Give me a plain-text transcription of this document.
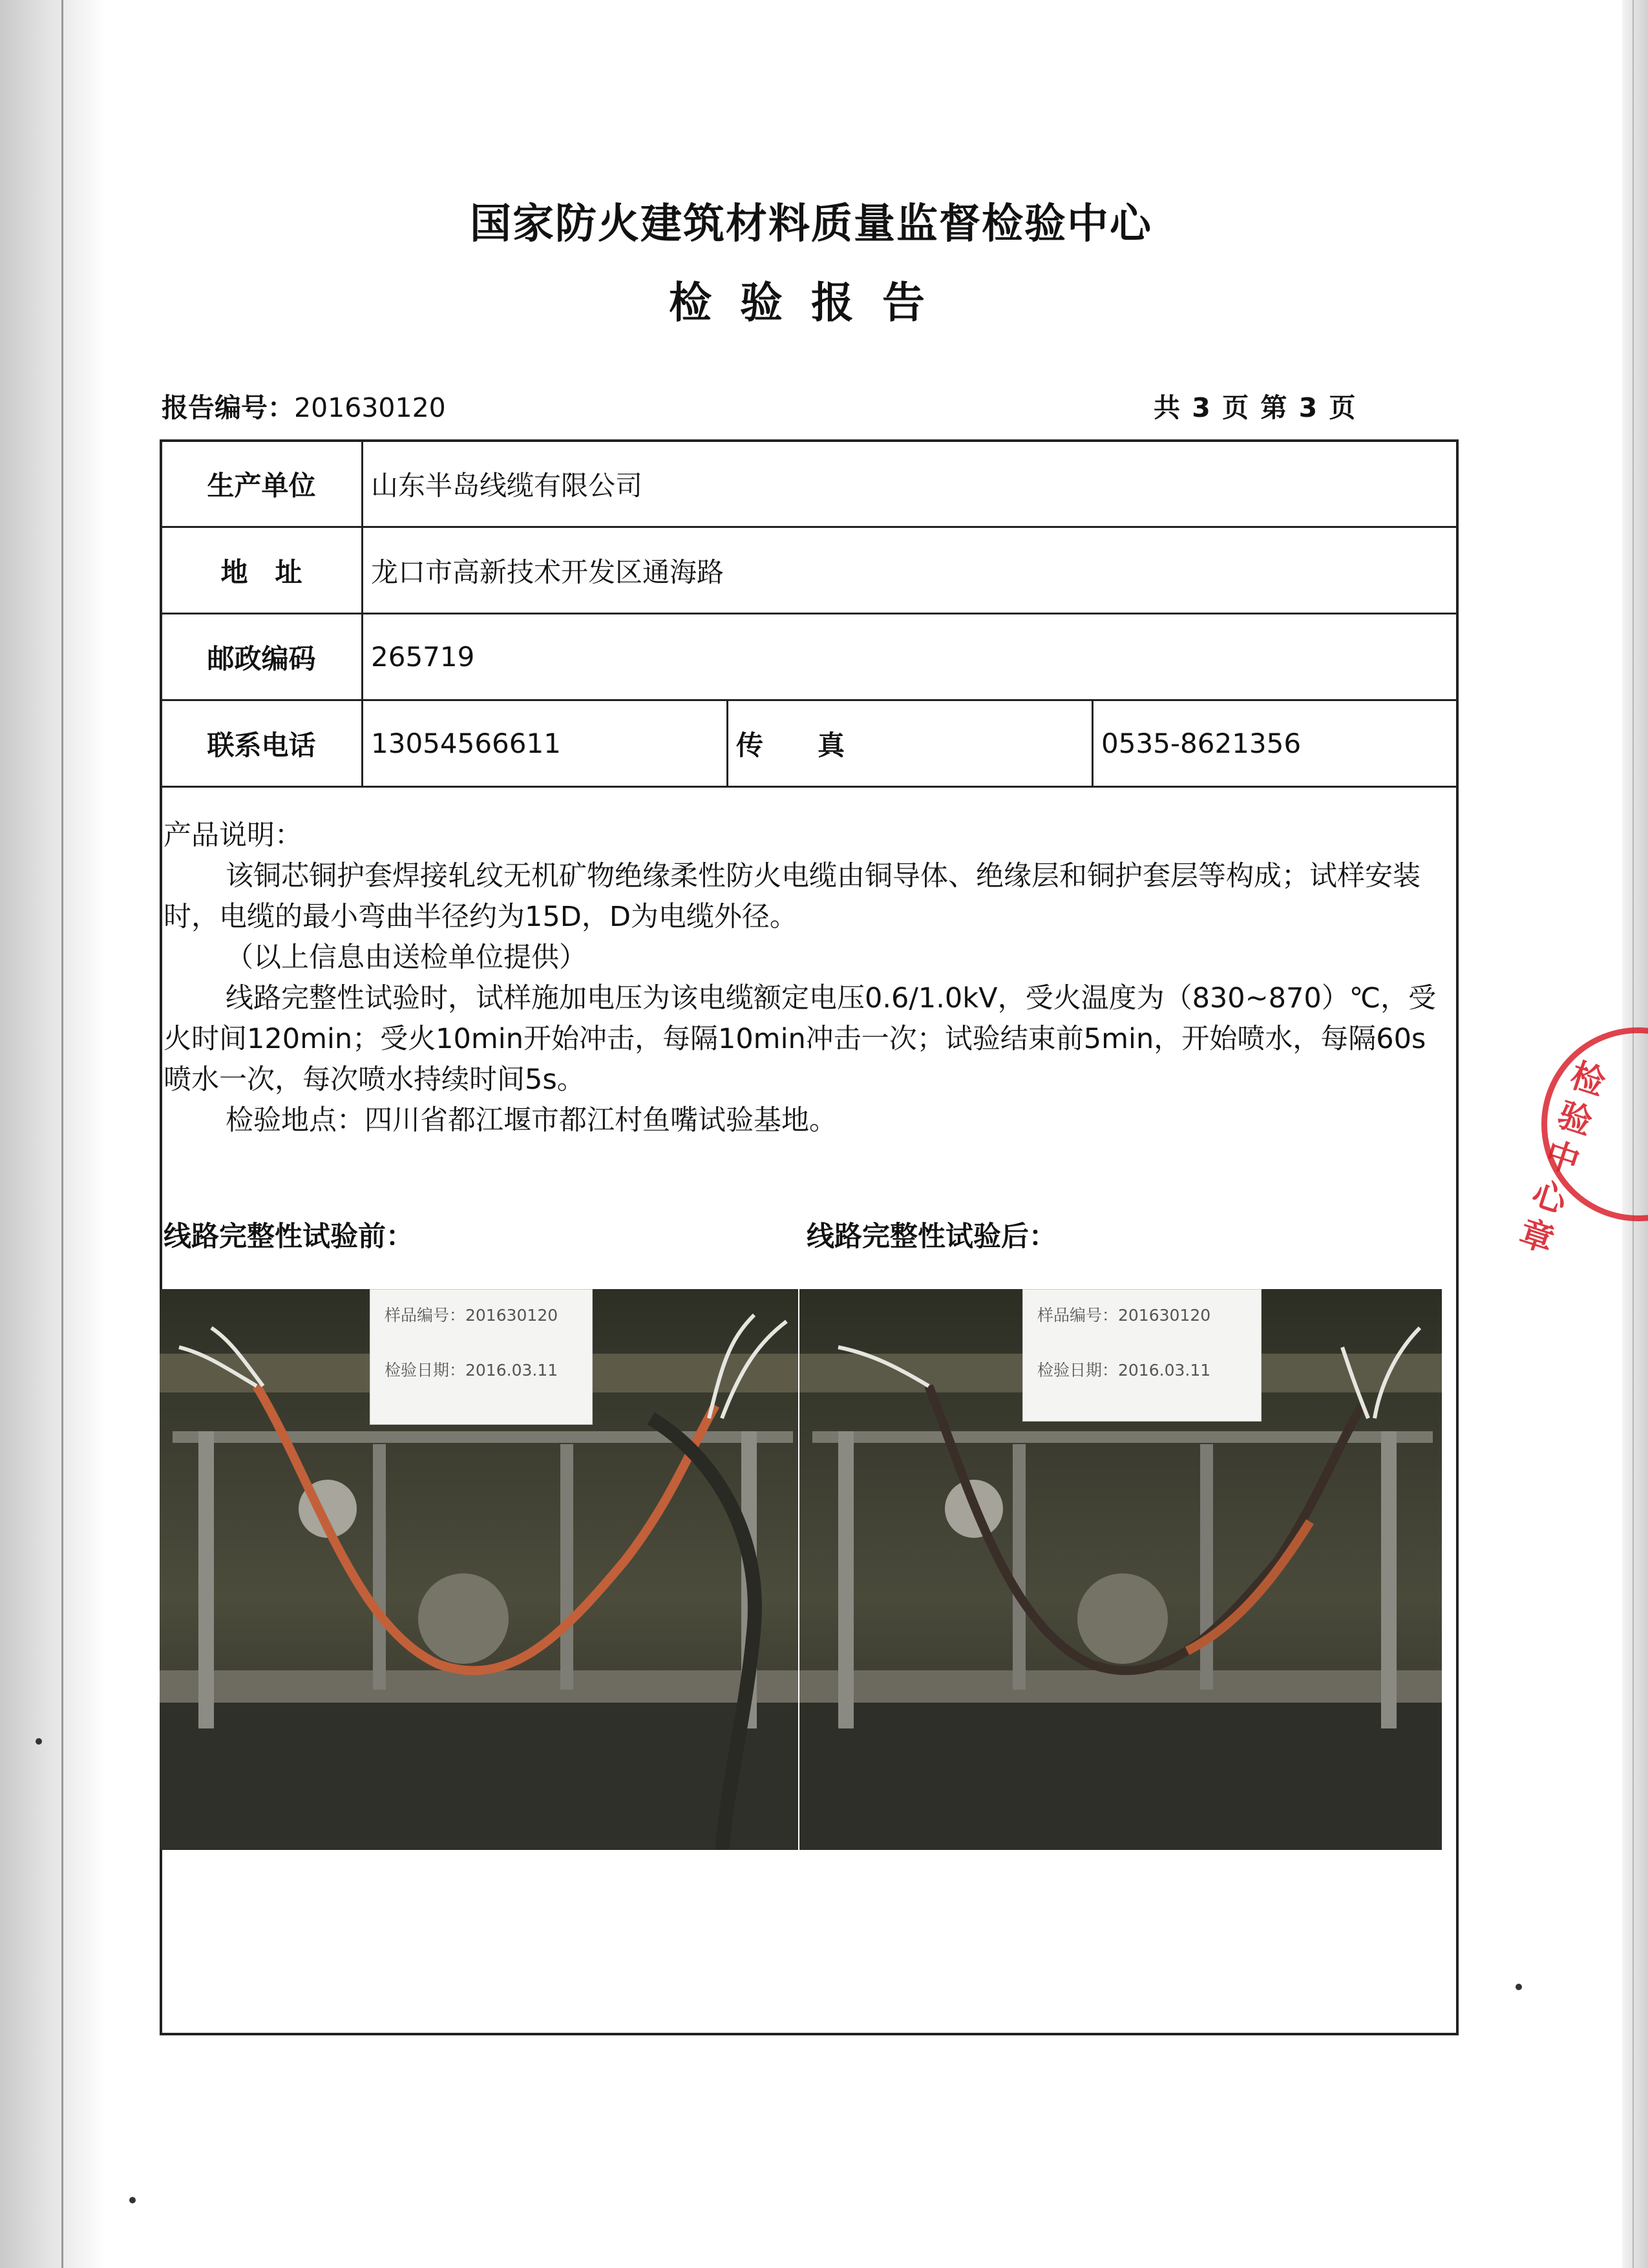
国家防火建筑材料质量监督检验中心
检验报告
报告编号：201630120	共 3 页 第 3 页
生产单位	山东半岛线缆有限公司		
地　址	龙口市高新技术开发区通海路		
邮政编码	265719		
联系电话	13054566611	传　　真	0535-8621356

产品说明：

该铜芯铜护套焊接轧纹无机矿物绝缘柔性防火电缆由铜导体、绝缘层和铜护套层等构成；试样安装时，电缆的最小弯曲半径约为15D，D为电缆外径。

（以上信息由送检单位提供）

线路完整性试验时，试样施加电压为该电缆额定电压0.6/1.0kV，受火温度为（830~870）℃，受火时间120min；受火10min开始冲击，每隔10min冲击一次；试验结束前5min，开始喷水，每隔60s喷水一次，每次喷水持续时间5s。

检验地点：四川省都江堰市都江村鱼嘴试验基地。

线路完整性试验前：	线路完整性试验后：
样品编号：201630120
检验日期：2016.03.11
样品编号：201630120
检验日期：2016.03.11
检验中心章
